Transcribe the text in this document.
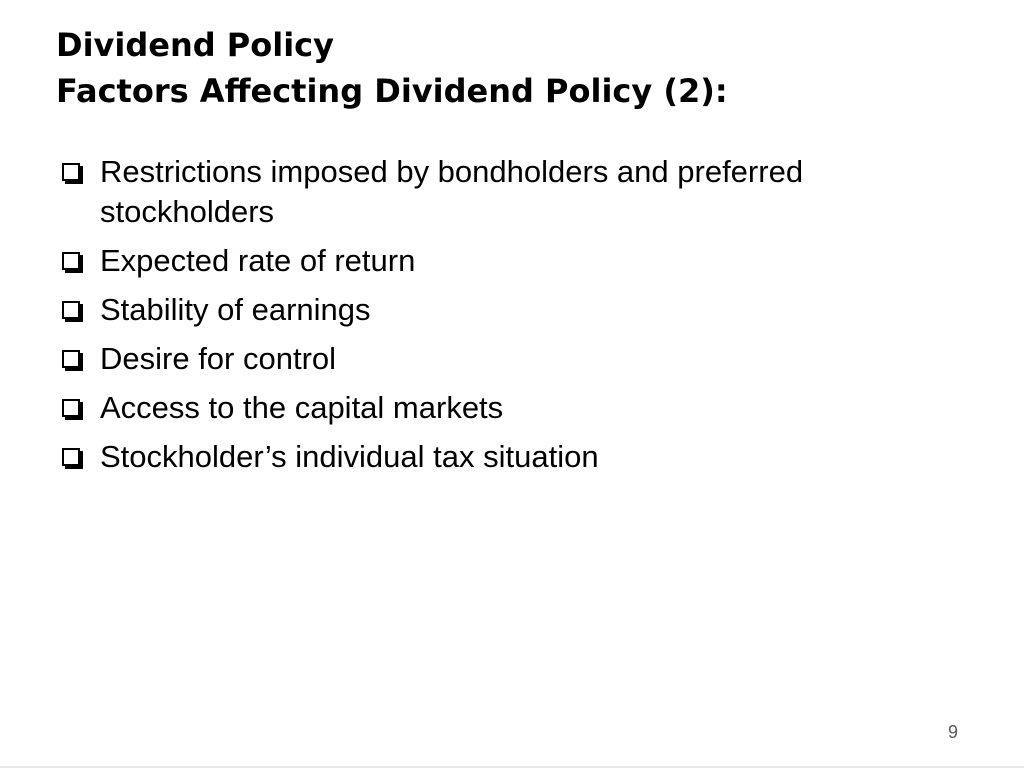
Dividend Policy
Factors Affecting Dividend Policy (2):
Restrictions imposed by bondholders and preferred stockholders
Expected rate of return
Stability of earnings
Desire for control
Access to the capital markets
Stockholder’s individual tax situation
9
